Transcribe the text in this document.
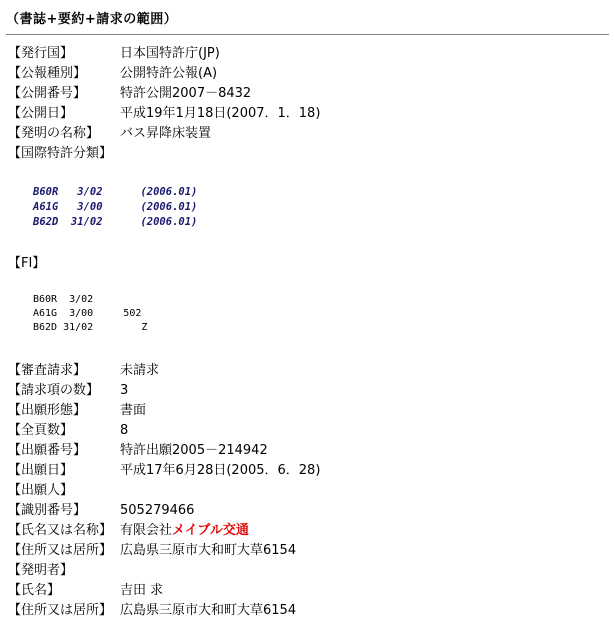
（書誌+要約+請求の範囲）
【発行国】	日本国特許庁(JP)
【公報種別】	公開特許公報(A)
【公開番号】	特許公開2007－8432
【公開日】	平成19年1月18日(2007．1．18)
【発明の名称】 バス昇降床装置
【国際特許分類】
B60R   3/02      (2006.01)
A61G   3/00      (2006.01)
B62D  31/02      (2006.01)
【FI】
B60R  3/02
A61G  3/00     502
B62D 31/02        Z
【審査請求】	未請求
【請求項の数】 3
【出願形態】	書面
【全頁数】	8
【出願番号】	特許出願2005－214942
【出願日】	平成17年6月28日(2005．6．28)
【出願人】
【識別番号】	505279466
【氏名又は名称】 有限会社メイブル交通
【住所又は居所】 広島県三原市大和町大草6154
【発明者】
【氏名】	吉田 求
【住所又は居所】 広島県三原市大和町大草6154
